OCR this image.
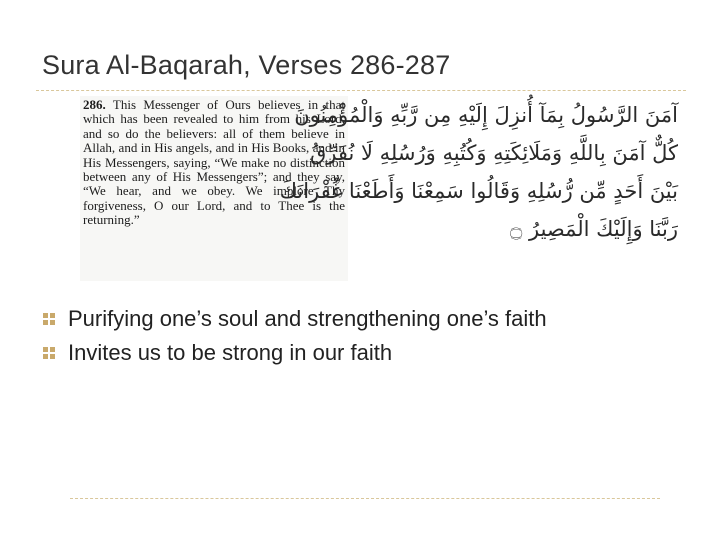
Sura Al-Baqarah, Verses 286-287
286. This Messenger of Ours believes in that which has been revealed to him from his Lord, and so do the believers: all of them believe in Allah, and in His angels, and in His Books, and in His Messengers, saying, “We make no distinction between any of His Messengers”; and they say, “We hear, and we obey. We implore Thy forgiveness, O our Lord, and to Thee is the returning.”
آمَنَ الرَّسُولُ بِمَآ أُنزِلَ إِلَيْهِ مِن رَّبِّهِ وَالْمُؤْمِنُونَ
كُلٌّ آمَنَ بِاللَّهِ وَمَلَائِكَتِهِ وَكُتُبِهِ وَرُسُلِهِ لَا نُفَرِّقُ
بَيْنَ أَحَدٍ مِّن رُّسُلِهِ وَقَالُوا سَمِعْنَا وَأَطَعْنَا غُفْرَانَكَ
رَبَّنَا وَإِلَيْكَ الْمَصِيرُ ۝
Purifying one’s soul and strengthening one’s faith
Invites us to be strong in our faith
